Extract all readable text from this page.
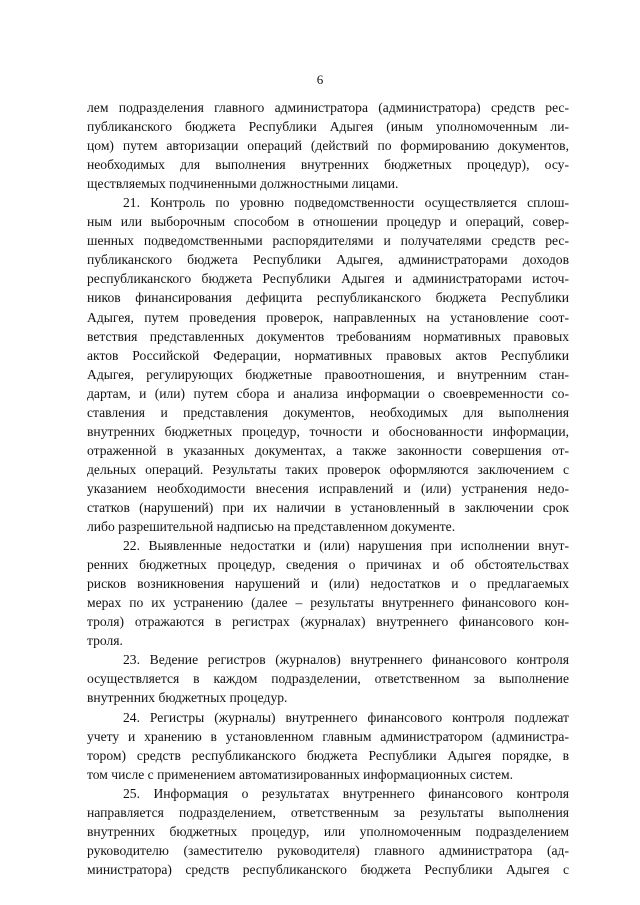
6
лем подразделения главного администратора (администратора) средств рес-
публиканского бюджета Республики Адыгея (иным уполномоченным ли-
цом) путем авторизации операций (действий по формированию документов,
необходимых для выполнения внутренних бюджетных процедур), осу-
ществляемых подчиненными должностными лицами.
21. Контроль по уровню подведомственности осуществляется сплош-
ным или выборочным способом в отношении процедур и операций, совер-
шенных подведомственными распорядителями и получателями средств рес-
публиканского бюджета Республики Адыгея, администраторами доходов
республиканского бюджета Республики Адыгея и администраторами источ-
ников финансирования дефицита республиканского бюджета Республики
Адыгея, путем проведения проверок, направленных на установление соот-
ветствия представленных документов требованиям нормативных правовых
актов Российской Федерации, нормативных правовых актов Республики
Адыгея, регулирующих бюджетные правоотношения, и внутренним стан-
дартам, и (или) путем сбора и анализа информации о своевременности со-
ставления и представления документов, необходимых для выполнения
внутренних бюджетных процедур, точности и обоснованности информации,
отраженной в указанных документах, а также законности совершения от-
дельных операций. Результаты таких проверок оформляются заключением с
указанием необходимости внесения исправлений и (или) устранения недо-
статков (нарушений) при их наличии в установленный в заключении срок
либо разрешительной надписью на представленном документе.
22. Выявленные недостатки и (или) нарушения при исполнении внут-
ренних бюджетных процедур, сведения о причинах и об обстоятельствах
рисков возникновения нарушений и (или) недостатков и о предлагаемых
мерах по их устранению (далее – результаты внутреннего финансового кон-
троля) отражаются в регистрах (журналах) внутреннего финансового кон-
троля.
23. Ведение регистров (журналов) внутреннего финансового контроля
осуществляется в каждом подразделении, ответственном за выполнение
внутренних бюджетных процедур.
24. Регистры (журналы) внутреннего финансового контроля подлежат
учету и хранению в установленном главным администратором (администра-
тором) средств республиканского бюджета Республики Адыгея порядке, в
том числе с применением автоматизированных информационных систем.
25. Информация о результатах внутреннего финансового контроля
направляется подразделением, ответственным за результаты выполнения
внутренних бюджетных процедур, или уполномоченным подразделением
руководителю (заместителю руководителя) главного администратора (ад-
министратора) средств республиканского бюджета Республики Адыгея с
